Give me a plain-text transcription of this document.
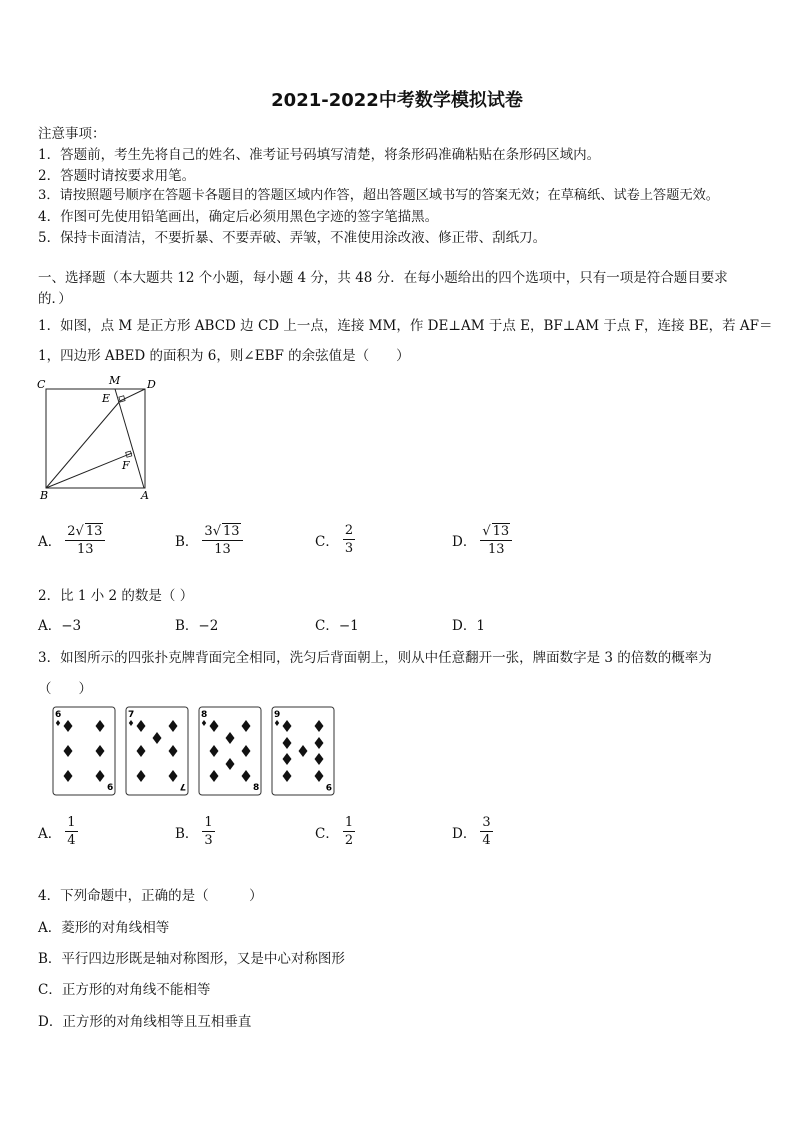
2021-2022中考数学模拟试卷
注意事项：
1．答题前，考生先将自己的姓名、准考证号码填写清楚，将条形码准确粘贴在条形码区域内。
2．答题时请按要求用笔。
3．请按照题号顺序在答题卡各题目的答题区域内作答，超出答题区域书写的答案无效；在草稿纸、试卷上答题无效。
4．作图可先使用铅笔画出，确定后必须用黑色字迹的签字笔描黑。
5．保持卡面清洁，不要折暴、不要弄破、弄皱，不准使用涂改液、修正带、刮纸刀。
一、选择题（本大题共 12 个小题，每小题 4 分，共 48 分．在每小题给出的四个选项中，只有一项是符合题目要求
的．）
1．如图，点 M 是正方形 ABCD 边 CD 上一点，连接 MM，作 DE⊥AM 于点 E，BF⊥AM 于点 F，连接 BE，若 AF＝
1，四边形 ABED 的面积为 6，则∠EBF 的余弦值是（　　）
C	M D
E
F
B	A
A． $\frac{2√ 13}{13}$	B． $\frac{3√ 13}{13}$	C． $\frac{2}{3}$	D． $\frac{√ 13}{13}$
2．比 1 小 2 的数是（ ）
A．−3	B．−2	C．−1	D．1
3．如图所示的四张扑克牌背面完全相同，洗匀后背面朝上，则从中任意翻开一张，牌面数字是 3 的倍数的概率为
（　　）
6
6
7
7
8
8
9
9
A． $\frac{1}{4}$	B． $\frac{1}{3}$	C． $\frac{1}{2}$	D． $\frac{3}{4}$
4．下列命题中，正确的是（　　　）
A．菱形的对角线相等
B．平行四边形既是轴对称图形，又是中心对称图形
C．正方形的对角线不能相等
D．正方形的对角线相等且互相垂直
